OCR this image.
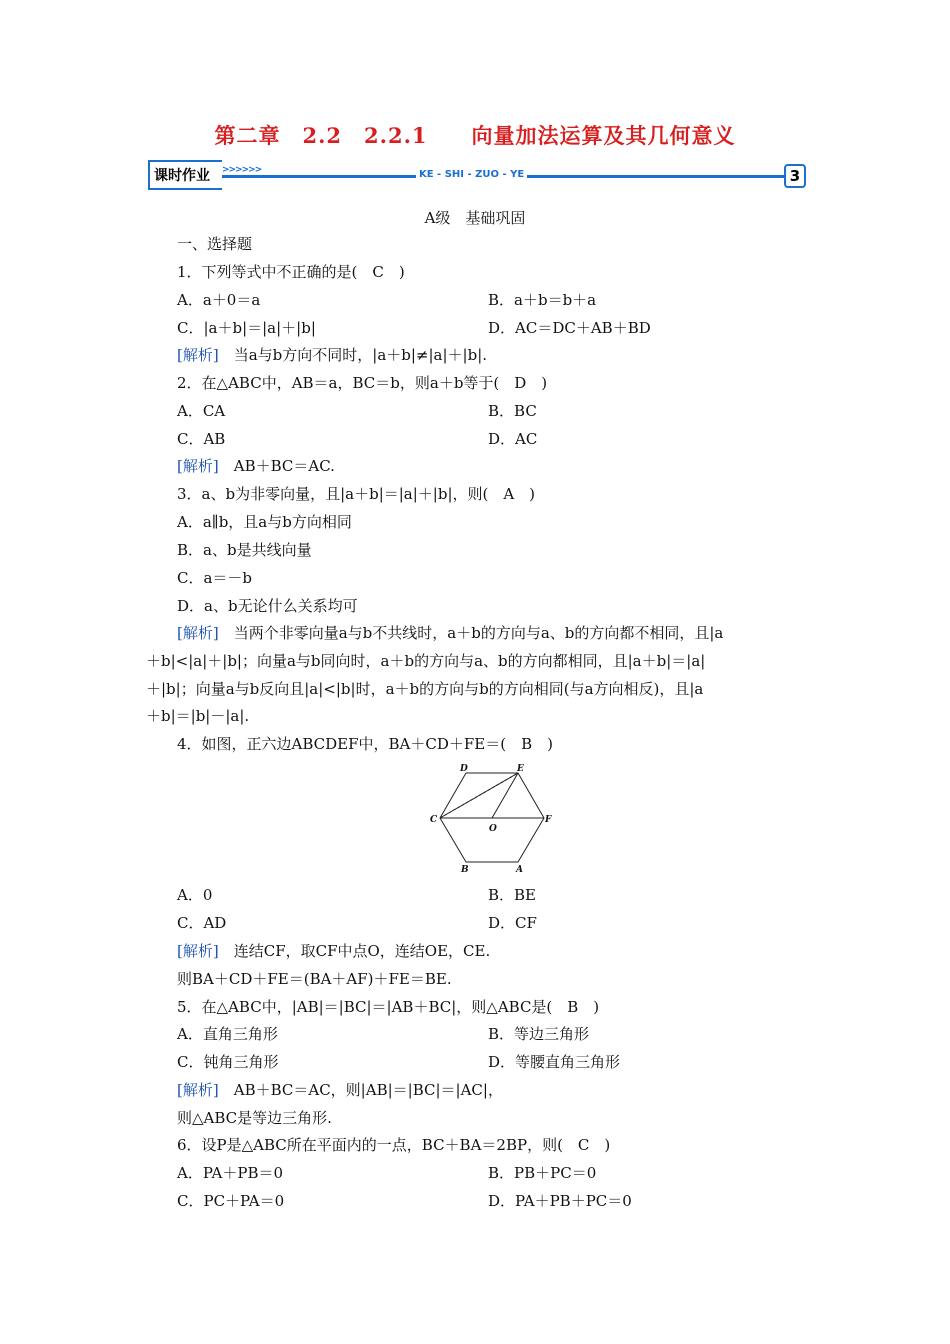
第二章　2.2　2.2.1　　向量加法运算及其几何意义
课时作业 >>>>>>	KE - SHI - ZUO - YE	3
A级　基础巩固
一、选择题
1．下列等式中不正确的是(　C　)
A．a＋0＝a	B．a＋b＝b＋a
C．|a＋b|＝|a|＋|b|	D．AC＝DC＋AB＋BD
[解析]　 当a与b方向不同时，|a＋b|≠|a|＋|b|.
2．在△ABC中，AB＝a，BC＝b，则a＋b等于(　D　)
A．CA	B．BC
C．AB	D．AC
[解析]　 AB＋BC＝AC.
3．a、b为非零向量，且|a＋b|＝|a|＋|b|，则(　A　)
A．a∥b，且a与b方向相同
B．a、b是共线向量
C．a＝－b
D．a、b无论什么关系均可
[解析]　 当两个非零向量a与b不共线时，a＋b的方向与a、b的方向都不相同，且|a
＋b|<|a|＋|b|；向量a与b同向时，a＋b的方向与a、b的方向都相同，且|a＋b|＝|a|
＋|b|；向量a与b反向且|a|<|b|时，a＋b的方向与b的方向相同(与a方向相反)，且|a
＋b|＝|b|－|a|.
4．如图，正六边ABCDEF中，BA＋CD＋FE＝(　B　)
D	E
C
O
F
B	A
A．0	B．BE
C．AD	D．CF
[解析]　 连结CF，取CF中点O，连结OE，CE.
则BA＋CD＋FE＝(BA＋AF)＋FE＝BE.
5．在△ABC中，|AB|＝|BC|＝|AB＋BC|，则△ABC是(　B　)
A．直角三角形	B．等边三角形
C．钝角三角形	D．等腰直角三角形
[解析]　 AB＋BC＝AC，则|AB|＝|BC|＝|AC|，
则△ABC是等边三角形.
6．设P是△ABC所在平面内的一点，BC＋BA＝2BP，则(　C　)
A．PA＋PB＝0	B．PB＋PC＝0
C．PC＋PA＝0	D．PA＋PB＋PC＝0
